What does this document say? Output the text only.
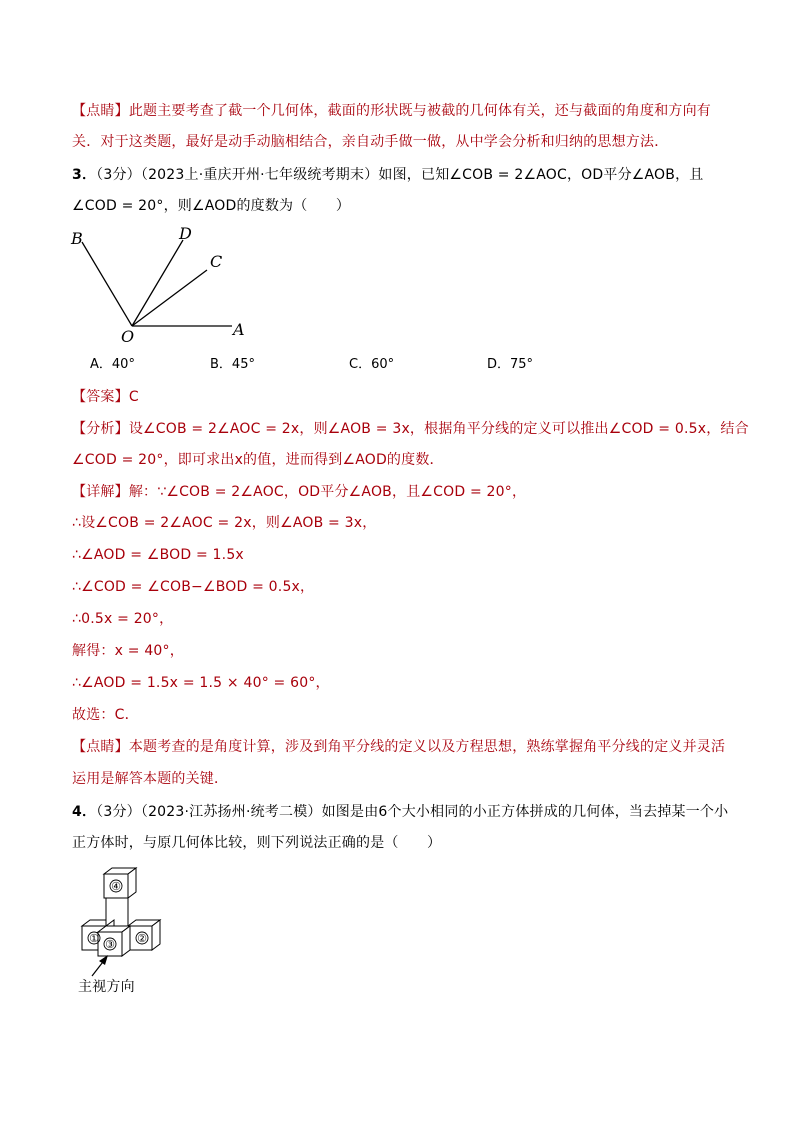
【点睛】此题主要考查了截一个几何体，截面的形状既与被截的几何体有关，还与截面的角度和方向有
关．对于这类题，最好是动手动脑相结合，亲自动手做一做，从中学会分析和归纳的思想方法．
3．（3分）（2023上·重庆开州·七年级统考期末）如图，已知∠COB = 2∠AOC，OD平分∠AOB，且
∠COD = 20°，则∠AOD的度数为（　　）
B	D
C
O	A
A．40°	B．45°	C．60°	D．75°
【答案】C
【分析】设∠COB = 2∠AOC = 2x，则∠AOB = 3x，根据角平分线的定义可以推出∠COD = 0.5x，结合
∠COD = 20°，即可求出x的值，进而得到∠AOD的度数．
【详解】解：∵∠COB = 2∠AOC，OD平分∠AOB，且∠COD = 20°，
∴设∠COB = 2∠AOC = 2x，则∠AOB = 3x，
∴∠AOD = ∠BOD = 1.5x
∴∠COD = ∠COB−∠BOD = 0.5x，
∴0.5x = 20°，
解得：x = 40°，
∴∠AOD = 1.5x = 1.5 × 40° = 60°，
故选：C．
【点睛】本题考查的是角度计算，涉及到角平分线的定义以及方程思想，熟练掌握角平分线的定义并灵活
运用是解答本题的关键．
4．（3分）（2023·江苏扬州·统考二模）如图是由6个大小相同的小正方体拼成的几何体，当去掉某一个小
正方体时，与原几何体比较，则下列说法正确的是（　　）
④
① ③ ②
主视方向
